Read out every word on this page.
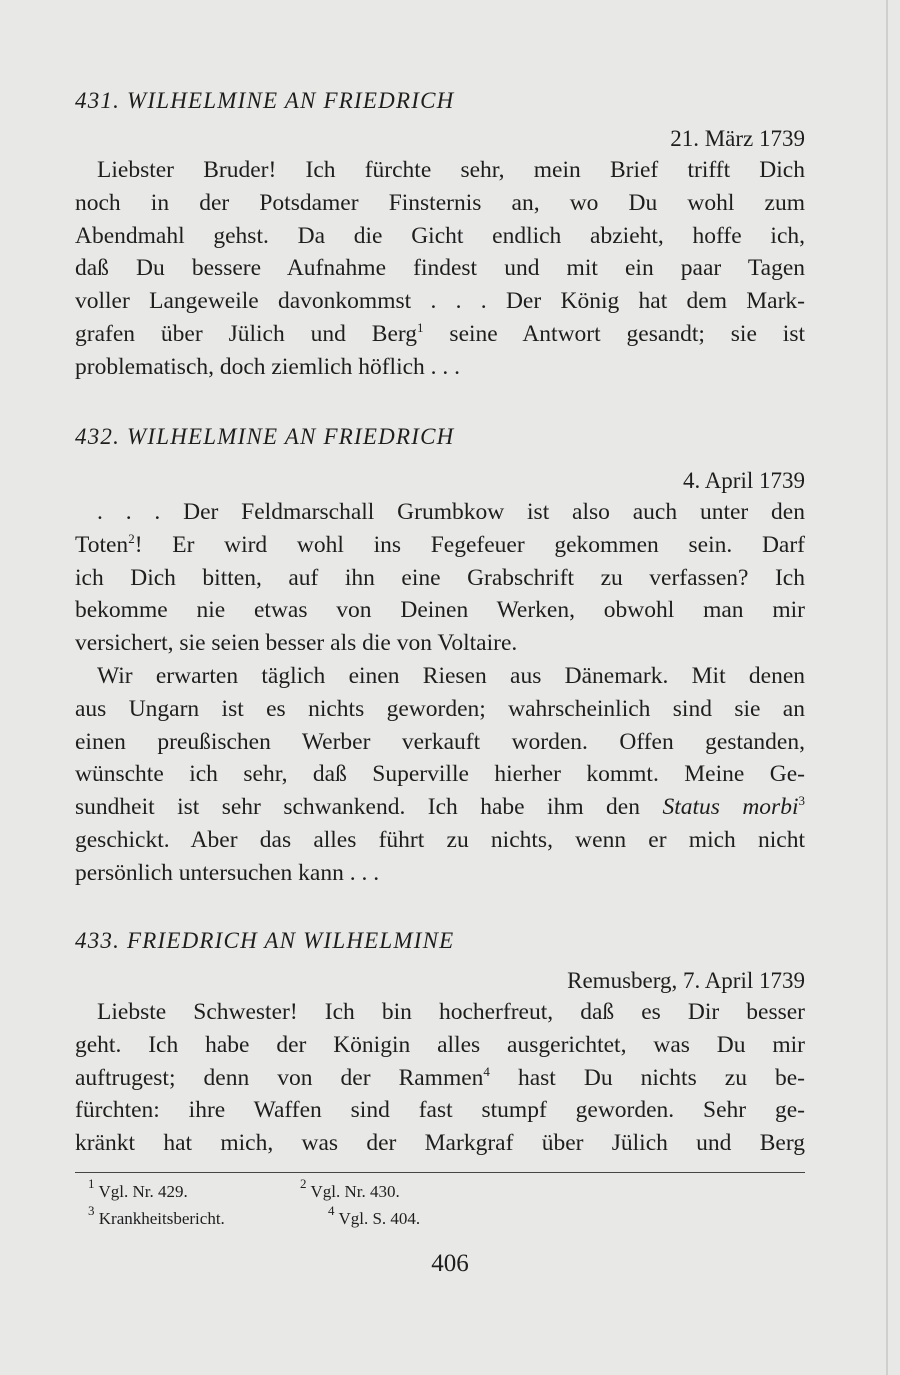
431. WILHELMINE AN FRIEDRICH
21. März 1739
Liebster Bruder! Ich fürchte sehr, mein Brief trifft Dich
noch in der Potsdamer Finsternis an, wo Du wohl zum
Abendmahl gehst. Da die Gicht endlich abzieht, hoffe ich,
daß Du bessere Aufnahme findest und mit ein paar Tagen
voller Langeweile davonkommst . . . Der König hat dem Mark-
grafen über Jülich und Berg$^1$ seine Antwort gesandt; sie ist
problematisch, doch ziemlich höflich . . .
432. WILHELMINE AN FRIEDRICH
4. April 1739
. . . Der Feldmarschall Grumbkow ist also auch unter den
Toten$^2$! Er wird wohl ins Fegefeuer gekommen sein. Darf
ich Dich bitten, auf ihn eine Grabschrift zu verfassen? Ich
bekomme nie etwas von Deinen Werken, obwohl man mir
versichert, sie seien besser als die von Voltaire.
Wir erwarten täglich einen Riesen aus Dänemark. Mit denen
aus Ungarn ist es nichts geworden; wahrscheinlich sind sie an
einen preußischen Werber verkauft worden. Offen gestanden,
wünschte ich sehr, daß Superville hierher kommt. Meine Ge-
sundheit ist sehr schwankend. Ich habe ihm den Status morbi$^3$
geschickt. Aber das alles führt zu nichts, wenn er mich nicht
persönlich untersuchen kann . . .
433. FRIEDRICH AN WILHELMINE
Remusberg, 7. April 1739
Liebste Schwester! Ich bin hocherfreut, daß es Dir besser
geht. Ich habe der Königin alles ausgerichtet, was Du mir
auftrugest; denn von der Rammen$^4$ hast Du nichts zu be-
fürchten: ihre Waffen sind fast stumpf geworden. Sehr ge-
kränkt hat mich, was der Markgraf über Jülich und Berg
$^1$ Vgl. Nr. 429.	$^2$ Vgl. Nr. 430.
$^3$ Krankheitsbericht.	$^4$ Vgl. S. 404.
406
